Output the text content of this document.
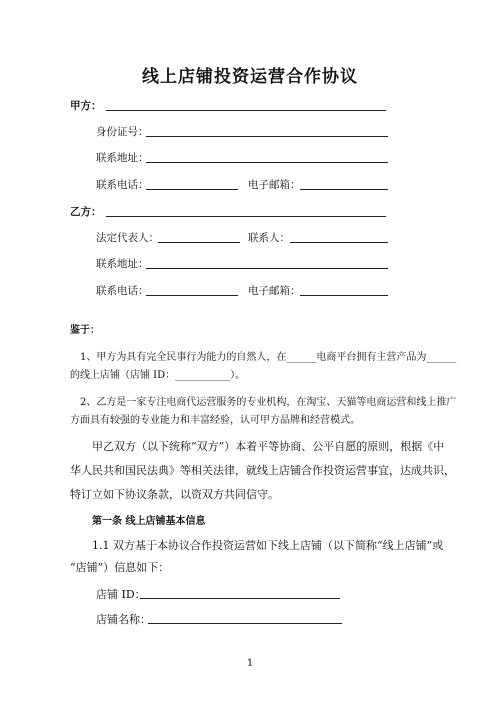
线上店铺投资运营合作协议
甲方：
身份证号：
联系地址：
联系电话：	电子邮箱：
乙方：
法定代表人：	联系人：
联系地址：
联系电话：	电子邮箱：
鉴于：
1、甲方为具有完全民事行为能力的自然人，在______电商平台拥有主营产品为______
的线上店铺（店铺 ID：___________）。
2、乙方是一家专注电商代运营服务的专业机构，在淘宝、天猫等电商运营和线上推广
方面具有较强的专业能力和丰富经验，认可甲方品牌和经营模式。
甲乙双方（以下统称“双方”）本着平等协商、公平自愿的原则，根据《中
华人民共和国民法典》等相关法律，就线上店铺合作投资运营事宜，达成共识，
特订立如下协议条款，以资双方共同信守。
第一条 线上店铺基本信息
1.1 双方基于本协议合作投资运营如下线上店铺（以下简称“线上店铺”或
“店铺”）信息如下：
店铺 ID：
店铺名称：
1
